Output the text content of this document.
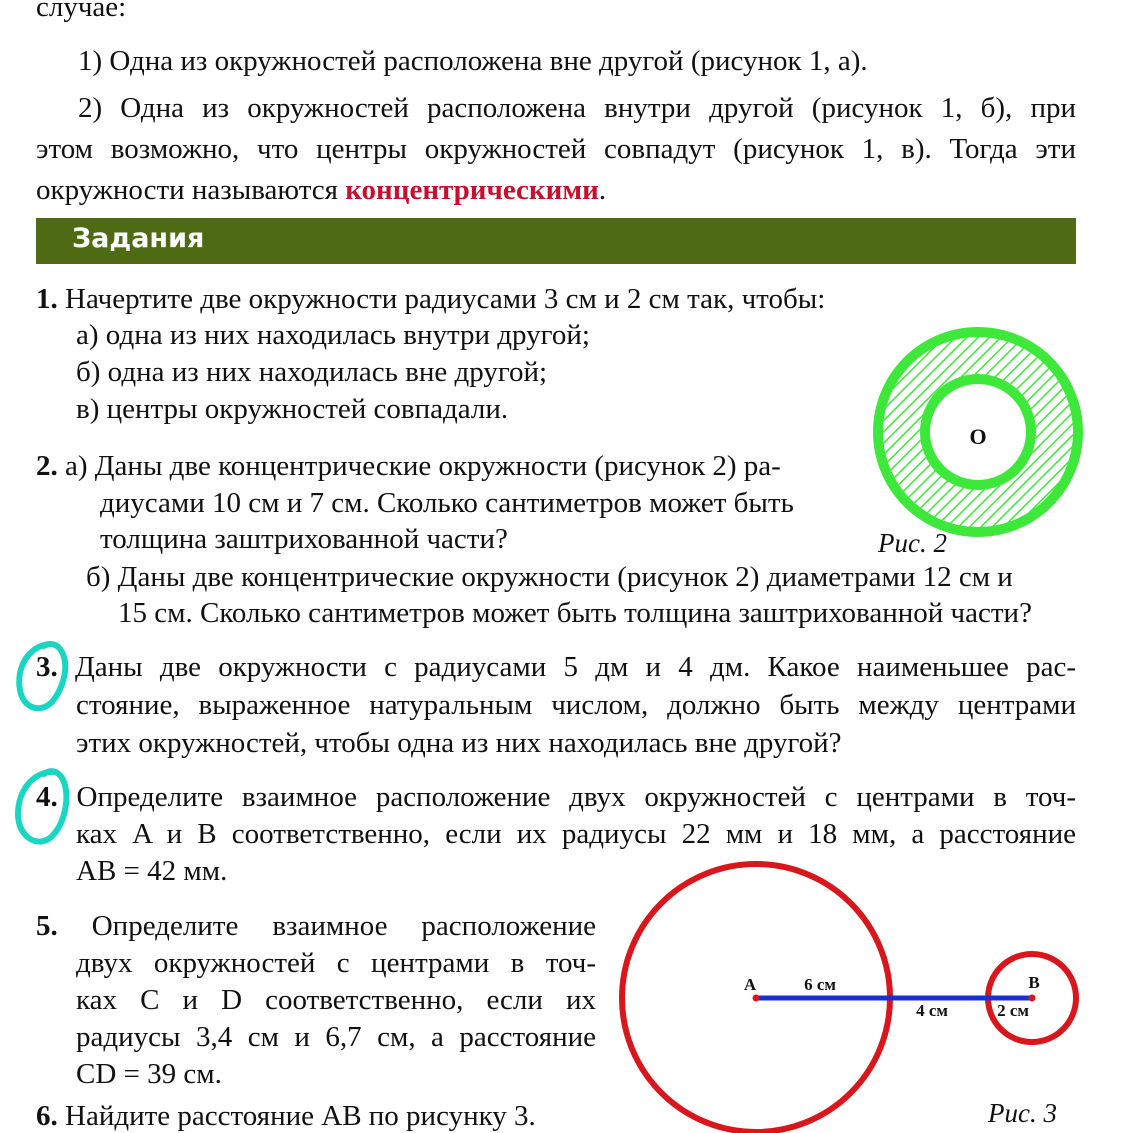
случае:
1) Одна из окружностей расположена вне другой (рисунок 1, а).
2) Одна из окружностей расположена внутри другой (рисунок 1, б), при
этом возможно, что центры окружностей совпадут (рисунок 1, в). Тогда эти
окружности называются концентрическими.
Задания
1. Начертите две окружности радиусами 3 см и 2 см так, чтобы:
а) одна из них находилась внутри другой;
б) одна из них находилась вне другой;
в) центры окружностей совпадали.
2. а) Даны две концентрические окружности (рисунок 2) ра-
диусами 10 см и 7 см. Сколько сантиметров может быть
толщина заштрихованной части?
б) Даны две концентрические окружности (рисунок 2) диаметрами 12 см и
15 см. Сколько сантиметров может быть толщина заштрихованной части?
O
Рис. 2
3. Даны две окружности с радиусами 5 дм и 4 дм. Какое наименьшее рас-
стояние, выраженное натуральным числом, должно быть между центрами
этих окружностей, чтобы одна из них находилась вне другой?
4. Определите взаимное расположение двух окружностей с центрами в точ-
ках A и B соответственно, если их радиусы 22 мм и 18 мм, а расстояние
AB = 42 мм.
5. Определите взаимное расположение
двух окружностей с центрами в точ-
ках C и D соответственно, если их
радиусы 3,4 см и 6,7 см, а расстояние
CD = 39 см.
6. Найдите расстояние AB по рисунку 3.
A	B
6 см
4 см	2 см
Рис. 3
